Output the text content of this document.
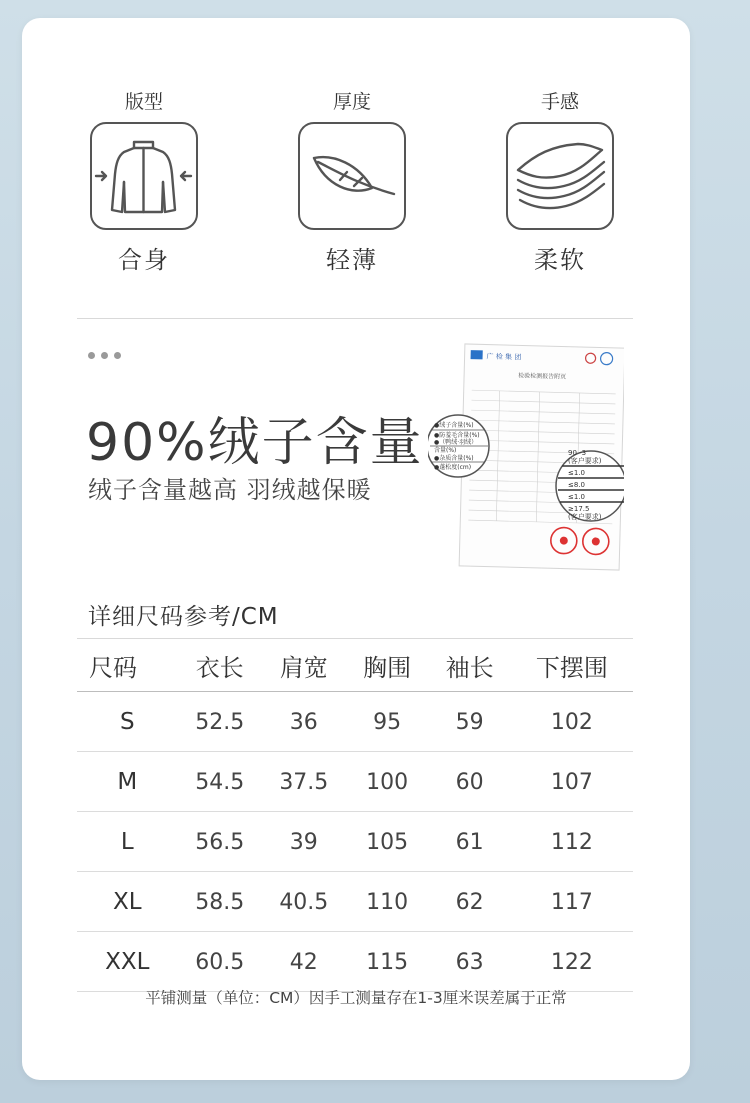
版型
合身
厚度
轻薄
手感
柔软
90%绒子含量
绒子含量越高 羽绒越保暖
广 检 集 团
检验检测报告附页
●绒子含量(%)
●防羞毛含量(%)
●（鸭绒·羽绒）
含量(%)
●杂质含量(%)
●蓬松度(cm)
90 -3
(客户要求)
≤1.0
≤8.0
≤1.0
≥17.5
(客户要求)
详细尺码参考/CM
尺码	衣长	肩宽	胸围	袖长	下摆围
S	52.5	36	95	59	102
M	54.5	37.5	100	60	107
L	56.5	39	105	61	112
XL	58.5	40.5	110	62	117
XXL	60.5	42	115	63	122
平铺测量（单位：CM）因手工测量存在1-3厘米误差属于正常
